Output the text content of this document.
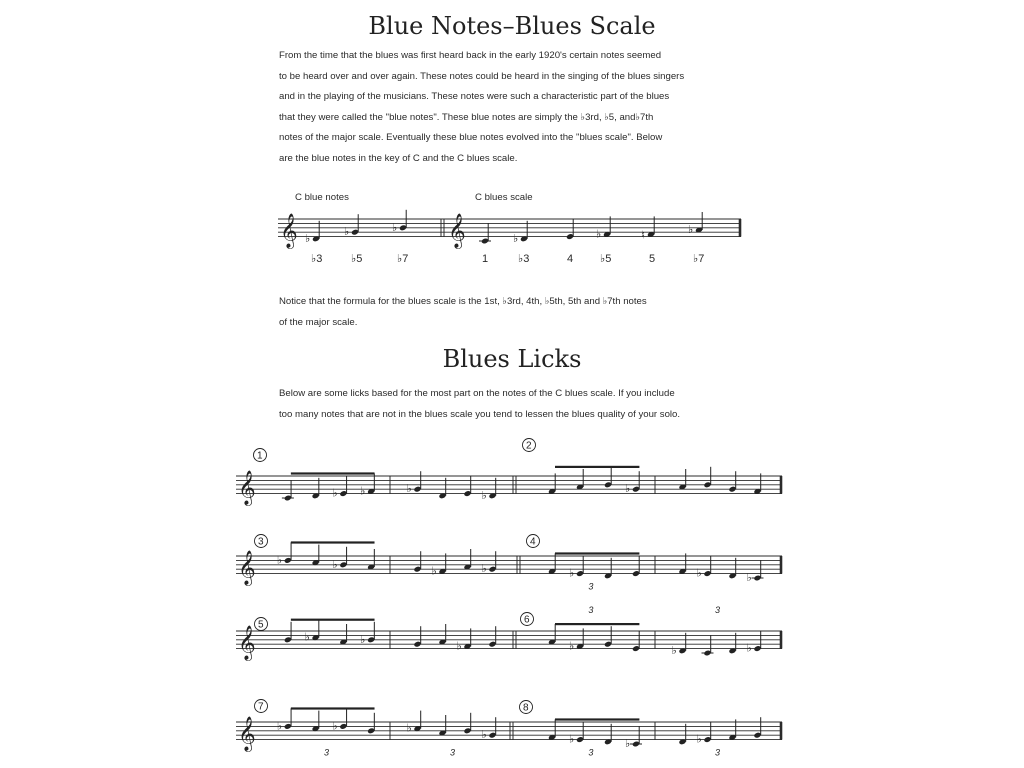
Blue Notes–Blues Scale
From the time that the blues was first heard back in the early 1920's certain notes seemed
to be heard over and over again. These notes could be heard in the singing of the blues singers
and in the playing of the musicians. These notes were such a characteristic part of the blues
that they were called the "blue notes". These blue notes are simply the ♭3rd, ♭5, and♭7th
notes of the major scale. Eventually these blue notes evolved into the "blues scale". Below
are the blue notes in the key of C and the C blues scale.
C blue notes	C blues scale
Notice that the formula for the blues scale is the 1st, ♭3rd, 4th, ♭5th, 5th and ♭7th notes
of the major scale.
Blues Licks
Below are some licks based for the most part on the notes of the C blues scale. If you include
too many notes that are not in the blues scale you tend to lessen the blues quality of your solo.
𝄞	𝄞
♭
♭	♭
♭	♭	♮	♭
♭3	♭5	♭7	1	♭3	4 ♭5	5	♭7
𝄞
1
2
♭ ♭	♭
♭
♭
𝄞
3	4
♭	♭
♭	♭	♭
3
♭	♭
𝄞
5	6
♭	♭
♭	♭
3
♭	♭
3
𝄞
7	8
♭	♭
3
♭
♭
3
♭	♭
3
♭
3
